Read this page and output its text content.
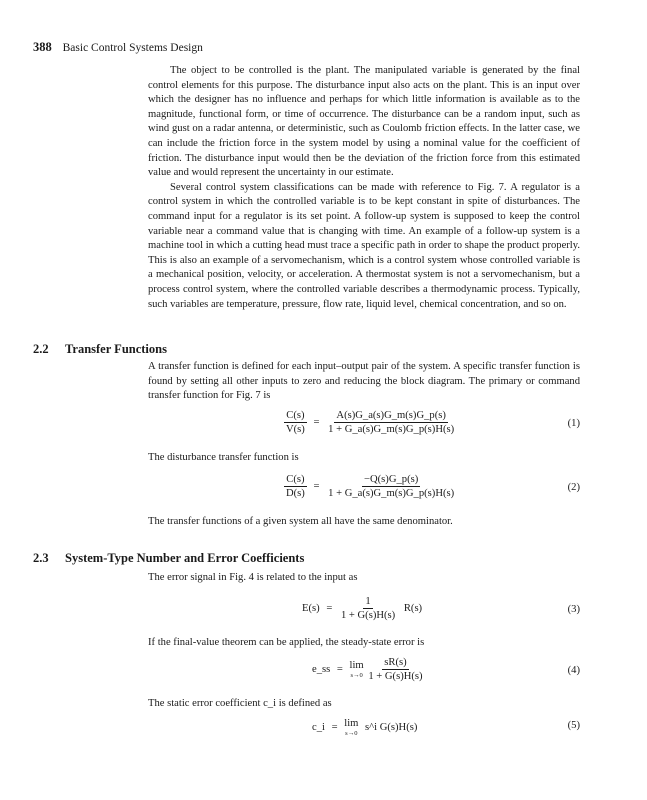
388 Basic Control Systems Design

The object to be controlled is the plant. The manipulated variable is generated by the final control elements for this purpose. The disturbance input also acts on the plant. This is an input over which the designer has no influence and perhaps for which little information is available as to the magnitude, functional form, or time of occurrence. The disturbance can be a random input, such as wind gust on a radar antenna, or deterministic, such as Coulomb friction effects. In the latter case, we can include the friction force in the system model by using a nominal value for the coefficient of friction. The disturbance input would then be the deviation of the friction force from this estimated value and would represent the uncertainty in our estimate.

Several control system classifications can be made with reference to Fig. 7. A regulator is a control system in which the controlled variable is to be kept constant in spite of disturbances. The command input for a regulator is its set point. A follow-up system is supposed to keep the control variable near a command value that is changing with time. An example of a follow-up system is a machine tool in which a cutting head must trace a specific path in order to shape the product properly. This is also an example of a servomechanism, which is a control system whose controlled variable is a mechanical position, velocity, or acceleration. A thermostat system is not a servomechanism, but a process control system, where the controlled variable describes a thermodynamic process. Typically, such variables are temperature, pressure, flow rate, liquid level, chemical concentration, and so on.

2.2 Transfer Functions

A transfer function is defined for each input–output pair of the system. A specific transfer function is found by setting all other inputs to zero and reducing the block diagram. The primary or command transfer function for Fig. 7 is

$\frac{C(s)}{V(s)} = \frac{A(s)G\_a(s)G\_m(s)G\_p(s)}{1 + G\_a(s)G\_m(s)G\_p(s)H(s)}$	(1)

The disturbance transfer function is

$\frac{C(s)}{D(s)} = \frac{-Q(s)G\_p(s)}{1 + G\_a(s)G\_m(s)G\_p(s)H(s)}$	(2)

The transfer functions of a given system all have the same denominator.

2.3 System-Type Number and Error Coefficients

The error signal in Fig. 4 is related to the input as

$E(s) = \frac{1}{1 + G(s)H(s)} R(s)$	(3)

If the final-value theorem can be applied, the steady-state error is

e_ss = lim
s→0
$\frac{sR(s)}{1 + G(s)H(s)}$	(4)

The static error coefficient c_i is defined as

c_i = lim
s→0
s^i G(s)H(s)	(5)
